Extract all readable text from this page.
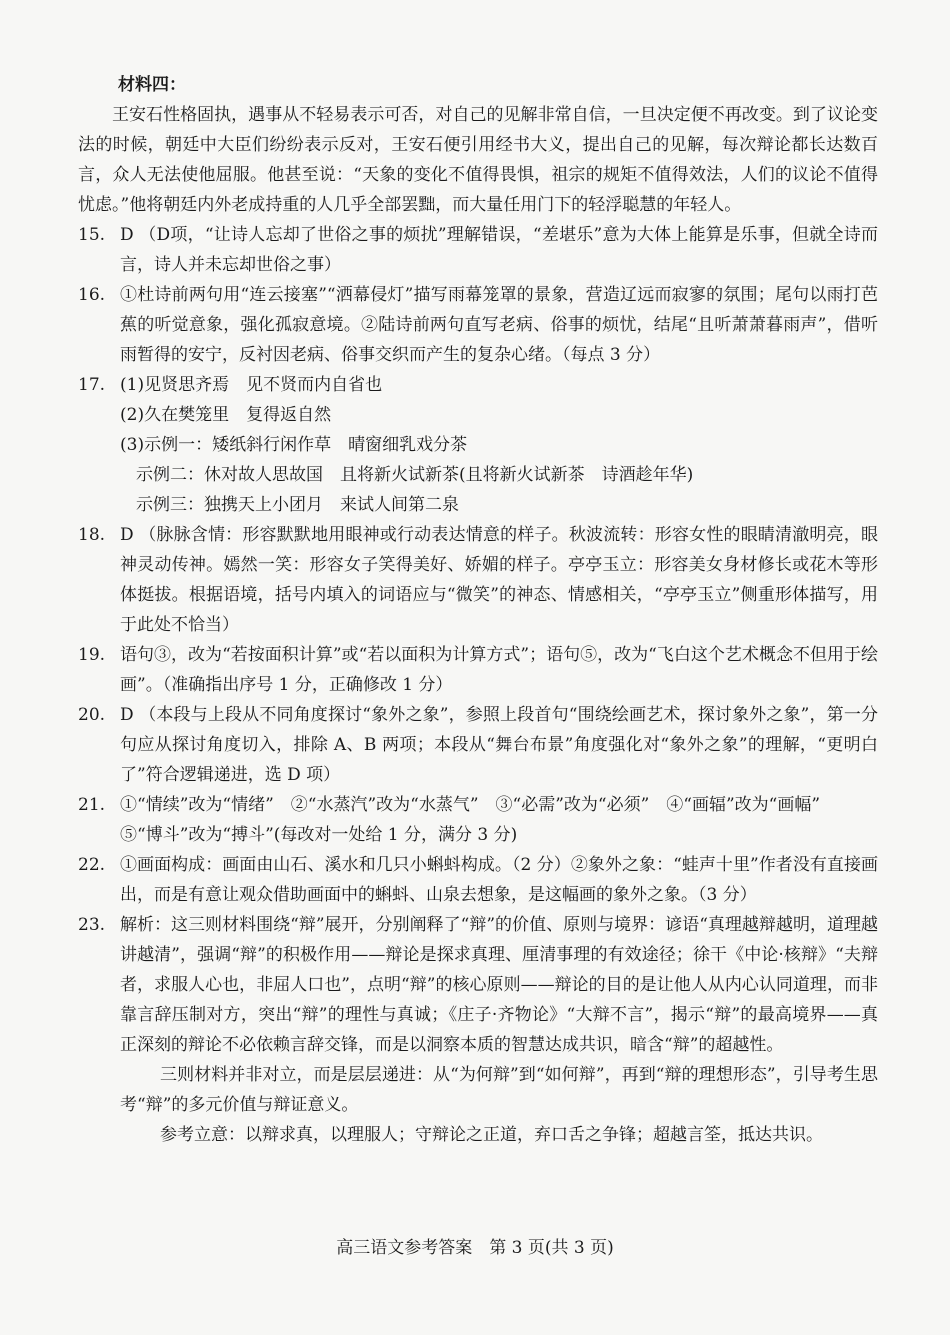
材料四：

王安石性格固执，遇事从不轻易表示可否，对自己的见解非常自信，一旦决定便不再改变。到了议论变法的时候，朝廷中大臣们纷纷表示反对，王安石便引用经书大义，提出自己的见解，每次辩论都长达数百言，众人无法使他屈服。他甚至说：“天象的变化不值得畏惧，祖宗的规矩不值得效法，人们的议论不值得忧虑。”他将朝廷内外老成持重的人几乎全部罢黜，而大量任用门下的轻浮聪慧的年轻人。

15. D （D项，“让诗人忘却了世俗之事的烦扰”理解错误，“差堪乐”意为大体上能算是乐事，但就全诗而言，诗人并未忘却世俗之事）
16. ①杜诗前两句用“连云接塞”“洒幕侵灯”描写雨幕笼罩的景象，营造辽远而寂寥的氛围；尾句以雨打芭蕉的听觉意象，强化孤寂意境。②陆诗前两句直写老病、俗事的烦忧，结尾“且听萧萧暮雨声”，借听雨暂得的安宁，反衬因老病、俗事交织而产生的复杂心绪。（每点 3 分）
17. (1)见贤思齐焉　见不贤而内自省也
(2)久在樊笼里　复得返自然
(3)示例一：矮纸斜行闲作草　晴窗细乳戏分茶
示例二：休对故人思故国　且将新火试新茶(且将新火试新茶　诗酒趁年华)
示例三：独携天上小团月　来试人间第二泉
18. D （脉脉含情：形容默默地用眼神或行动表达情意的样子。秋波流转：形容女性的眼睛清澈明亮，眼神灵动传神。嫣然一笑：形容女子笑得美好、娇媚的样子。亭亭玉立：形容美女身材修长或花木等形体挺拔。根据语境，括号内填入的词语应与“微笑”的神态、情感相关，“亭亭玉立”侧重形体描写，用于此处不恰当）
19. 语句③，改为“若按面积计算”或“若以面积为计算方式”；语句⑤，改为“飞白这个艺术概念不但用于绘画”。（准确指出序号 1 分，正确修改 1 分）
20. D （本段与上段从不同角度探讨“象外之象”，参照上段首句“围绕绘画艺术，探讨象外之象”，第一分句应从探讨角度切入，排除 A、B 两项；本段从“舞台布景”角度强化对“象外之象”的理解，“更明白了”符合逻辑递进，选 D 项）
21. ①“情续”改为“情绪”　②“水蒸汽”改为“水蒸气”　③“必需”改为“必须”　④“画辐”改为“画幅”
⑤“博斗”改为“搏斗”(每改对一处给 1 分，满分 3 分)
22. ①画面构成：画面由山石、溪水和几只小蝌蚪构成。（2 分）②象外之象：“蛙声十里”作者没有直接画出，而是有意让观众借助画面中的蝌蚪、山泉去想象，是这幅画的象外之象。（3 分）
23. 解析：这三则材料围绕“辩”展开，分别阐释了“辩”的价值、原则与境界：谚语“真理越辩越明，道理越讲越清”，强调“辩”的积极作用——辩论是探求真理、厘清事理的有效途径；徐干《中论·核辩》“夫辩者，求服人心也，非屈人口也”，点明“辩”的核心原则——辩论的目的是让他人从内心认同道理，而非靠言辞压制对方，突出“辩”的理性与真诚；《庄子·齐物论》“大辩不言”，揭示“辩”的最高境界——真正深刻的辩论不必依赖言辞交锋，而是以洞察本质的智慧达成共识，暗含“辩”的超越性。

三则材料并非对立，而是层层递进：从“为何辩”到“如何辩”，再到“辩的理想形态”，引导考生思考“辩”的多元价值与辩证意义。

参考立意：以辩求真，以理服人；守辩论之正道，弃口舌之争锋；超越言筌，抵达共识。

高三语文参考答案　第 3 页(共 3 页)
